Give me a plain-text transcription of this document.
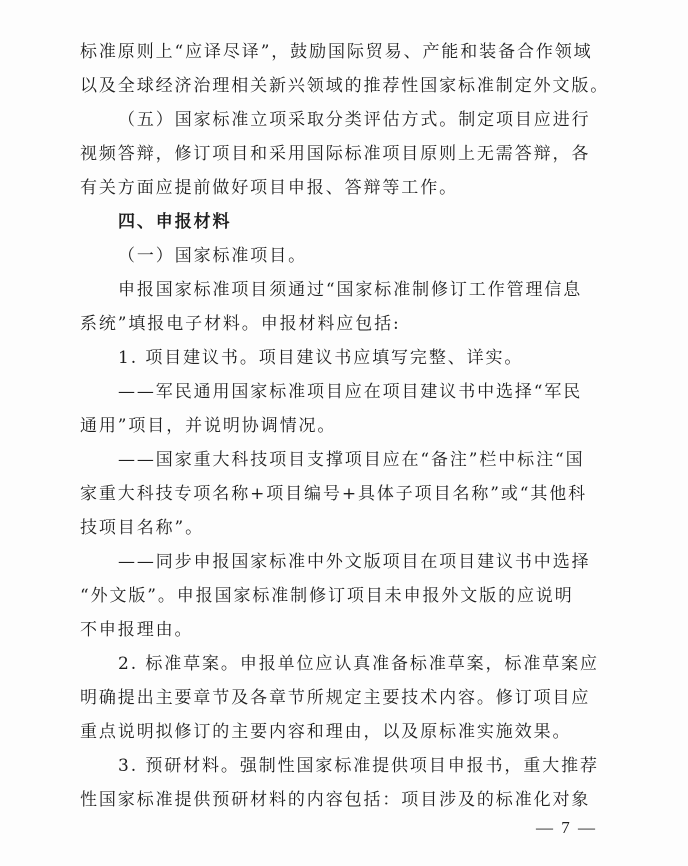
标准原则上“应译尽译”，鼓励国际贸易、产能和装备合作领域
以及全球经济治理相关新兴领域的推荐性国家标准制定外文版。
（五）国家标准立项采取分类评估方式。制定项目应进行
视频答辩，修订项目和采用国际标准项目原则上无需答辩，各
有关方面应提前做好项目申报、答辩等工作。
四、申报材料
（一）国家标准项目。
申报国家标准项目须通过“国家标准制修订工作管理信息
系统”填报电子材料。申报材料应包括:
1. 项目建议书。项目建议书应填写完整、详实。
——军民通用国家标准项目应在项目建议书中选择“军民
通用”项目，并说明协调情况。
——国家重大科技项目支撑项目应在“备注”栏中标注“国
家重大科技专项名称+项目编号+具体子项目名称”或“其他科
技项目名称”。
——同步申报国家标准中外文版项目在项目建议书中选择
“外文版”。申报国家标准制修订项目未申报外文版的应说明
不申报理由。
2. 标准草案。申报单位应认真准备标准草案，标准草案应
明确提出主要章节及各章节所规定主要技术内容。修订项目应
重点说明拟修订的主要内容和理由，以及原标准实施效果。
3. 预研材料。强制性国家标准提供项目申报书，重大推荐
性国家标准提供预研材料的内容包括：项目涉及的标准化对象
— 7 —
